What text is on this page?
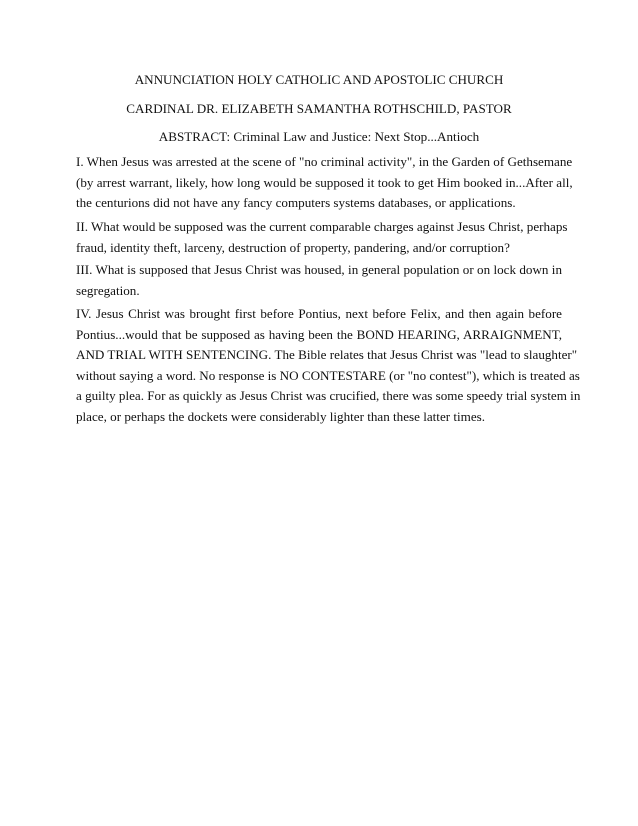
ANNUNCIATION HOLY CATHOLIC AND APOSTOLIC CHURCH
CARDINAL DR. ELIZABETH SAMANTHA ROTHSCHILD, PASTOR
ABSTRACT: Criminal Law and Justice: Next Stop...Antioch
I. When Jesus was arrested at the scene of "no criminal activity", in the Garden of Gethsemane
(by arrest warrant, likely, how long would be supposed it took to get Him booked in...After all,
the centurions did not have any fancy computers systems databases, or applications.
II. What would be supposed was the current comparable charges against Jesus Christ, perhaps
fraud, identity theft, larceny, destruction of property, pandering, and/or corruption?
III. What is supposed that Jesus Christ was housed, in general population or on lock down in
segregation.
IV. Jesus Christ was brought first before Pontius, next before Felix, and then again before
Pontius...would that be supposed as having been the BOND HEARING, ARRAIGNMENT,
AND TRIAL WITH SENTENCING. The Bible relates that Jesus Christ was "lead to slaughter"
without saying a word. No response is NO CONTESTARE (or "no contest"), which is treated as
a guilty plea. For as quickly as Jesus Christ was crucified, there was some speedy trial system in
place, or perhaps the dockets were considerably lighter than these latter times.
